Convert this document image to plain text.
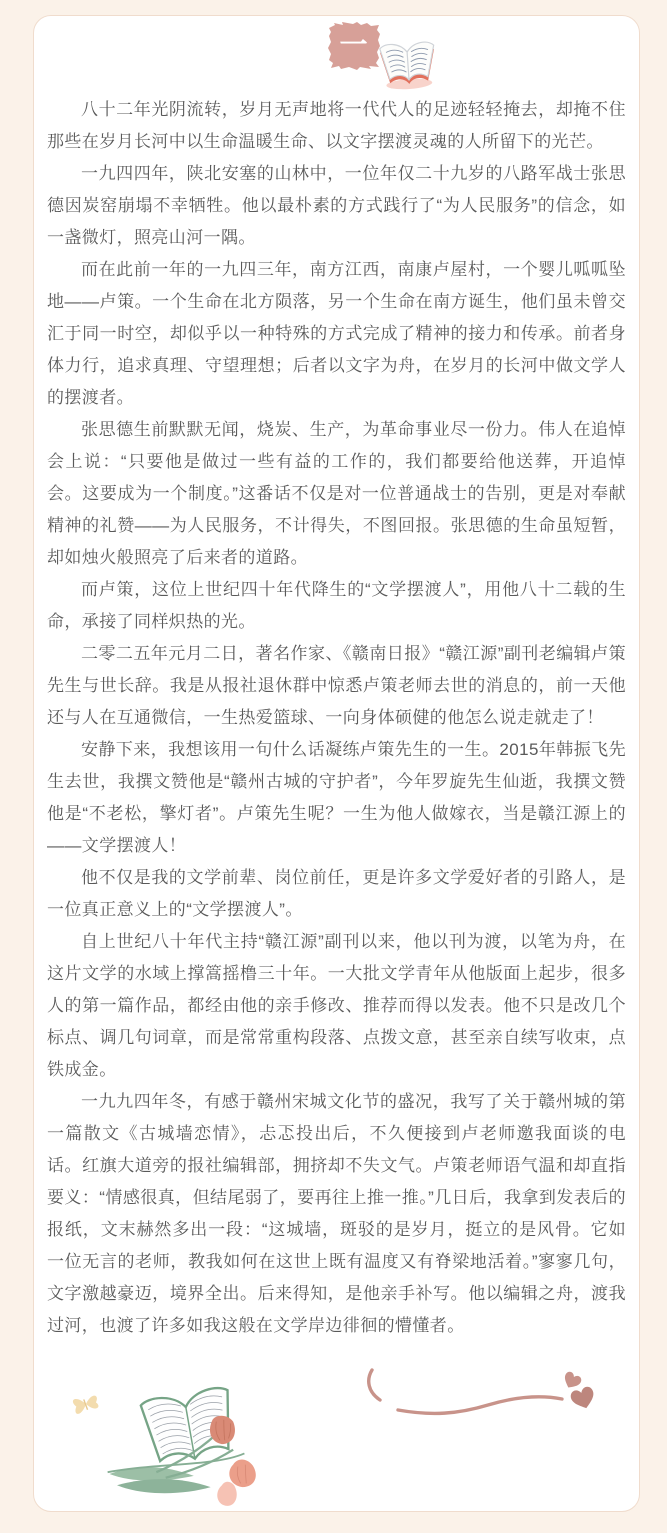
一

八十二年光阴流转，岁月无声地将一代代人的足迹轻轻掩去，却掩不住那些在岁月长河中以生命温暖生命、以文字摆渡灵魂的人所留下的光芒。

一九四四年，陕北安塞的山林中，一位年仅二十九岁的八路军战士张思德因炭窑崩塌不幸牺牲。他以最朴素的方式践行了“为人民服务”的信念，如一盏微灯，照亮山河一隅。

而在此前一年的一九四三年，南方江西，南康卢屋村，一个婴儿呱呱坠地——卢策。一个生命在北方陨落，另一个生命在南方诞生，他们虽未曾交汇于同一时空，却似乎以一种特殊的方式完成了精神的接力和传承。前者身体力行，追求真理、守望理想；后者以文字为舟，在岁月的长河中做文学人的摆渡者。

张思德生前默默无闻，烧炭、生产，为革命事业尽一份力。伟人在追悼会上说：“只要他是做过一些有益的工作的，我们都要给他送葬，开追悼会。这要成为一个制度。”这番话不仅是对一位普通战士的告别，更是对奉献精神的礼赞——为人民服务，不计得失，不图回报。张思德的生命虽短暂，却如烛火般照亮了后来者的道路。

而卢策，这位上世纪四十年代降生的“文学摆渡人”，用他八十二载的生命，承接了同样炽热的光。

二零二五年元月二日，著名作家、《赣南日报》“赣江源”副刊老编辑卢策先生与世长辞。我是从报社退休群中惊悉卢策老师去世的消息的，前一天他还与人在互通微信，一生热爱篮球、一向身体硕健的他怎么说走就走了！

安静下来，我想该用一句什么话凝练卢策先生的一生。2015年韩振飞先生去世，我撰文赞他是“赣州古城的守护者”，今年罗旋先生仙逝，我撰文赞他是“不老松，擎灯者”。卢策先生呢？一生为他人做嫁衣，当是赣江源上的——文学摆渡人！

他不仅是我的文学前辈、岗位前任，更是许多文学爱好者的引路人，是一位真正意义上的“文学摆渡人”。

自上世纪八十年代主持“赣江源”副刊以来，他以刊为渡，以笔为舟，在这片文学的水域上撑篙摇橹三十年。一大批文学青年从他版面上起步，很多人的第一篇作品，都经由他的亲手修改、推荐而得以发表。他不只是改几个标点、调几句词章，而是常常重构段落、点拨文意，甚至亲自续写收束，点铁成金。

一九九四年冬，有感于赣州宋城文化节的盛况，我写了关于赣州城的第一篇散文《古城墙恋情》，忐忑投出后，不久便接到卢老师邀我面谈的电话。红旗大道旁的报社编辑部，拥挤却不失文气。卢策老师语气温和却直指要义：“情感很真，但结尾弱了，要再往上推一推。”几日后，我拿到发表后的报纸，文末赫然多出一段：“这城墙，斑驳的是岁月，挺立的是风骨。它如一位无言的老师，教我如何在这世上既有温度又有脊梁地活着。”寥寥几句，文字激越豪迈，境界全出。后来得知，是他亲手补写。他以编辑之舟，渡我过河，也渡了许多如我这般在文学岸边徘徊的懵懂者。
